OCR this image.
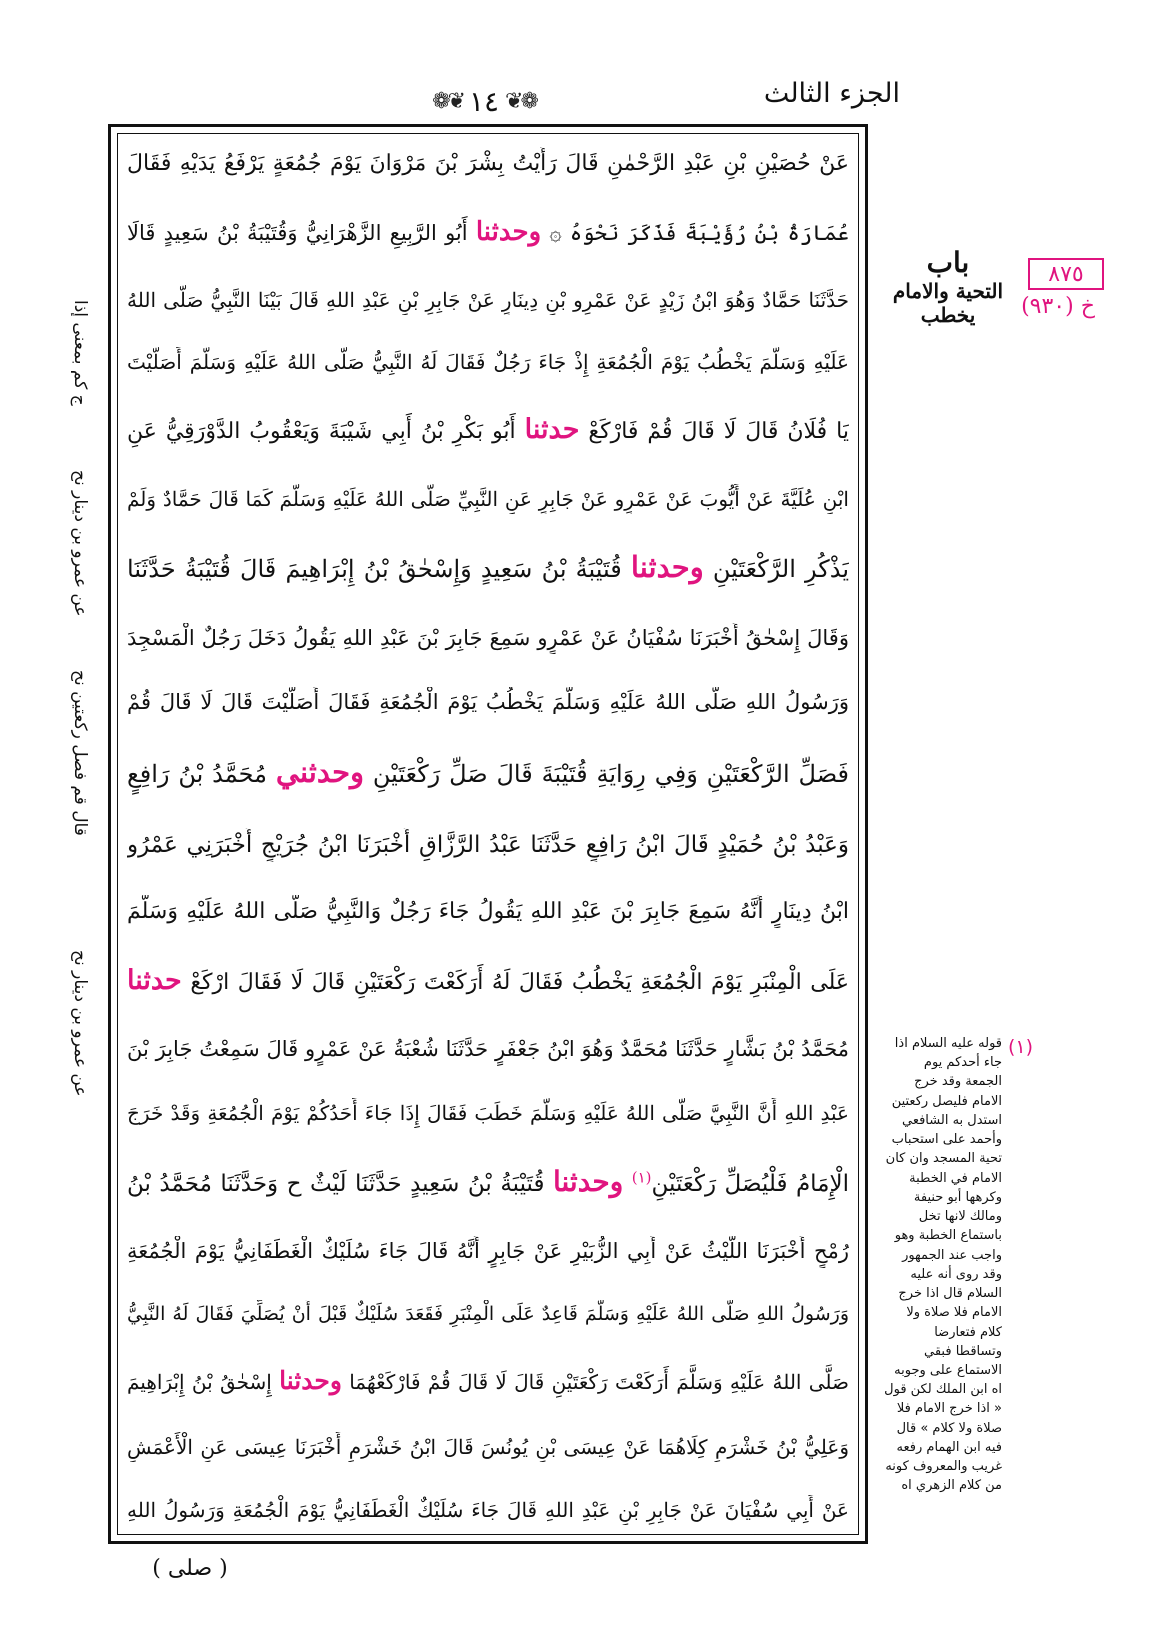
الجزء الثالث
❁❦ ١٤ ❦❁
٨٧٥
خ (٩٣٠)
باب
التحية والامام يخطب
ج كم بمعنى إذا
عن عمرو بن دينار نح
قال قم فصل ركعتين نح
عن عمرو بن دينار نح
عَنْ حُصَيْنِ بْنِ عَبْدِ الرَّحْمٰنِ قَالَ رَأَيْتُ بِشْرَ بْنَ مَرْوَانَ يَوْمَ جُمُعَةٍ يَرْفَعُ يَدَيْهِ فَقَالَ
عُمَارَةُ بْنُ رُؤَيْبَةَ فَذَكَرَ نَحْوَهُ ۞ وحدثنا أَبُو الرَّبِيعِ الزَّهْرَانِيُّ وَقُتَيْبَةُ بْنُ سَعِيدٍ قَالَا
حَدَّثَنَا حَمَّادٌ وَهُوَ ابْنُ زَيْدٍ عَنْ عَمْرِو بْنِ دِينَارٍ عَنْ جَابِرِ بْنِ عَبْدِ اللهِ قَالَ بَيْنَا النَّبِيُّ صَلَّى اللهُ
عَلَيْهِ وَسَلَّمَ يَخْطُبُ يَوْمَ الْجُمُعَةِ إِذْ جَاءَ رَجُلٌ فَقَالَ لَهُ النَّبِيُّ صَلَّى اللهُ عَلَيْهِ وَسَلَّمَ أَصَلَّيْتَ
يَا فُلَانُ قَالَ لَا قَالَ قُمْ فَارْكَعْ حدثنا أَبُو بَكْرِ بْنُ أَبِي شَيْبَةَ وَيَعْقُوبُ الدَّوْرَقِيُّ عَنِ
ابْنِ عُلَيَّةَ عَنْ أَيُّوبَ عَنْ عَمْرٍو عَنْ جَابِرٍ عَنِ النَّبِيِّ صَلَّى اللهُ عَلَيْهِ وَسَلَّمَ كَمَا قَالَ حَمَّادٌ وَلَمْ
يَذْكُرِ الرَّكْعَتَيْنِ وحدثنا قُتَيْبَةُ بْنُ سَعِيدٍ وَإِسْحٰقُ بْنُ إِبْرَاهِيمَ قَالَ قُتَيْبَةُ حَدَّثَنَا
وَقَالَ إِسْحٰقُ أَخْبَرَنَا سُفْيَانُ عَنْ عَمْرٍو سَمِعَ جَابِرَ بْنَ عَبْدِ اللهِ يَقُولُ دَخَلَ رَجُلٌ الْمَسْجِدَ
وَرَسُولُ اللهِ صَلَّى اللهُ عَلَيْهِ وَسَلَّمَ يَخْطُبُ يَوْمَ الْجُمُعَةِ فَقَالَ أَصَلَّيْتَ قَالَ لَا قَالَ قُمْ
فَصَلِّ الرَّكْعَتَيْنِ وَفِي رِوَايَةِ قُتَيْبَةَ قَالَ صَلِّ رَكْعَتَيْنِ وحدثني مُحَمَّدُ بْنُ رَافِعٍ
وَعَبْدُ بْنُ حُمَيْدٍ قَالَ ابْنُ رَافِعٍ حَدَّثَنَا عَبْدُ الرَّزَّاقِ أَخْبَرَنَا ابْنُ جُرَيْجٍ أَخْبَرَنِي عَمْرُو
ابْنُ دِينَارٍ أَنَّهُ سَمِعَ جَابِرَ بْنَ عَبْدِ اللهِ يَقُولُ جَاءَ رَجُلٌ وَالنَّبِيُّ صَلَّى اللهُ عَلَيْهِ وَسَلَّمَ
عَلَى الْمِنْبَرِ يَوْمَ الْجُمُعَةِ يَخْطُبُ فَقَالَ لَهُ أَرَكَعْتَ رَكْعَتَيْنِ قَالَ لَا فَقَالَ ارْكَعْ حدثنا
مُحَمَّدُ بْنُ بَشَّارٍ حَدَّثَنَا مُحَمَّدٌ وَهُوَ ابْنُ جَعْفَرٍ حَدَّثَنَا شُعْبَةُ عَنْ عَمْرٍو قَالَ سَمِعْتُ جَابِرَ بْنَ
عَبْدِ اللهِ أَنَّ النَّبِيَّ صَلَّى اللهُ عَلَيْهِ وَسَلَّمَ خَطَبَ فَقَالَ إِذَا جَاءَ أَحَدُكُمْ يَوْمَ الْجُمُعَةِ وَقَدْ خَرَجَ
الْإِمَامُ فَلْيُصَلِّ رَكْعَتَيْنِ$^{(١)}$ وحدثنا قُتَيْبَةُ بْنُ سَعِيدٍ حَدَّثَنَا لَيْثٌ ح وَحَدَّثَنَا مُحَمَّدُ بْنُ
رُمْحٍ أَخْبَرَنَا اللَّيْثُ عَنْ أَبِي الزُّبَيْرِ عَنْ جَابِرٍ أَنَّهُ قَالَ جَاءَ سُلَيْكٌ الْغَطَفَانِيُّ يَوْمَ الْجُمُعَةِ
وَرَسُولُ اللهِ صَلَّى اللهُ عَلَيْهِ وَسَلَّمَ قَاعِدٌ عَلَى الْمِنْبَرِ فَقَعَدَ سُلَيْكٌ قَبْلَ أَنْ يُصَلِّيَ فَقَالَ لَهُ النَّبِيُّ
صَلَّى اللهُ عَلَيْهِ وَسَلَّمَ أَرَكَعْتَ رَكْعَتَيْنِ قَالَ لَا قَالَ قُمْ فَارْكَعْهُمَا وحدثنا إِسْحٰقُ بْنُ إِبْرَاهِيمَ
وَعَلِيُّ بْنُ خَشْرَمٍ كِلَاهُمَا عَنْ عِيسَى بْنِ يُونُسَ قَالَ ابْنُ خَشْرَمٍ أَخْبَرَنَا عِيسَى عَنِ الْأَعْمَشِ
عَنْ أَبِي سُفْيَانَ عَنْ جَابِرِ بْنِ عَبْدِ اللهِ قَالَ جَاءَ سُلَيْكٌ الْغَطَفَانِيُّ يَوْمَ الْجُمُعَةِ وَرَسُولُ اللهِ
(١)
قوله عليه السلام اذا جاء أحدكم يوم الجمعة وقد خرج الامام فليصل ركعتين استدل به الشافعي وأحمد على استحباب تحية المسجد وان كان الامام في الخطبة وكرهها أبو حنيفة ومالك لانها تخل باستماع الخطبة وهو واجب عند الجمهور وقد روى أنه عليه السلام قال اذا خرج الامام فلا صلاة ولا كلام فتعارضا وتساقطا فبقي الاستماع على وجوبه اه ابن الملك لكن قول « اذا خرج الامام فلا صلاة ولا كلام » قال فيه ابن الهمام رفعه غريب والمعروف كونه من كلام الزهري اه
( صلى )
